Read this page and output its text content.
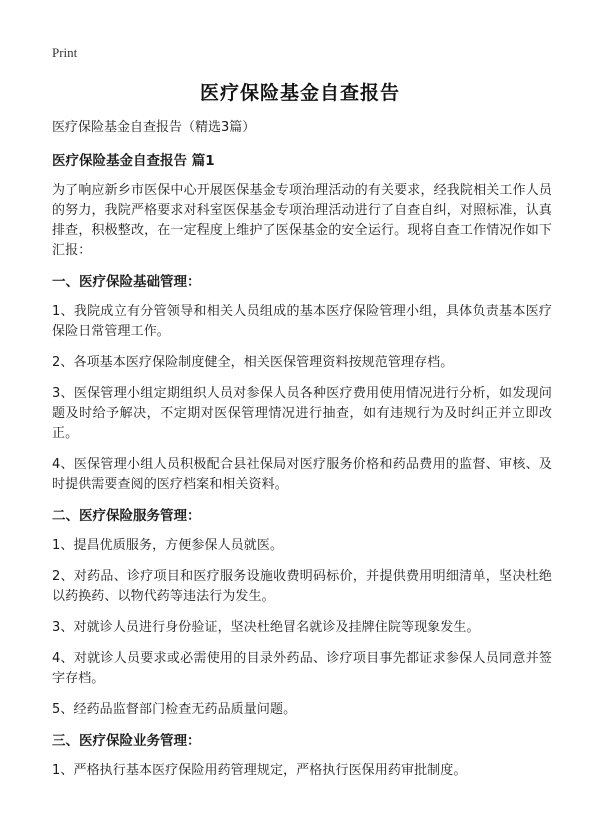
Print
医疗保险基金自查报告

医疗保险基金自查报告（精选3篇）

医疗保险基金自查报告 篇1

为了响应新乡市医保中心开展医保基金专项治理活动的有关要求，经我院相关工作人员的努力，我院严格要求对科室医保基金专项治理活动进行了自查自纠，对照标准，认真排查，积极整改，在一定程度上维护了医保基金的安全运行。现将自查工作情况作如下汇报：

一、医疗保险基础管理：

1、我院成立有分管领导和相关人员组成的基本医疗保险管理小组，具体负责基本医疗保险日常管理工作。

2、各项基本医疗保险制度健全，相关医保管理资料按规范管理存档。

3、医保管理小组定期组织人员对参保人员各种医疗费用使用情况进行分析，如发现问题及时给予解决，不定期对医保管理情况进行抽查，如有违规行为及时纠正并立即改正。

4、医保管理小组人员积极配合县社保局对医疗服务价格和药品费用的监督、审核、及时提供需要查阅的医疗档案和相关资料。

二、医疗保险服务管理：

1、提昌优质服务，方便参保人员就医。

2、对药品、诊疗项目和医疗服务设施收费明码标价，并提供费用明细清单，坚决杜绝以药换药、以物代药等违法行为发生。

3、对就诊人员进行身份验证，坚决杜绝冒名就诊及挂牌住院等现象发生。

4、对就诊人员要求或必需使用的目录外药品、诊疗项目事先都证求参保人员同意并签字存档。

5、经药品监督部门检查无药品质量问题。

三、医疗保险业务管理：

1、严格执行基本医疗保险用药管理规定，严格执行医保用药审批制度。
